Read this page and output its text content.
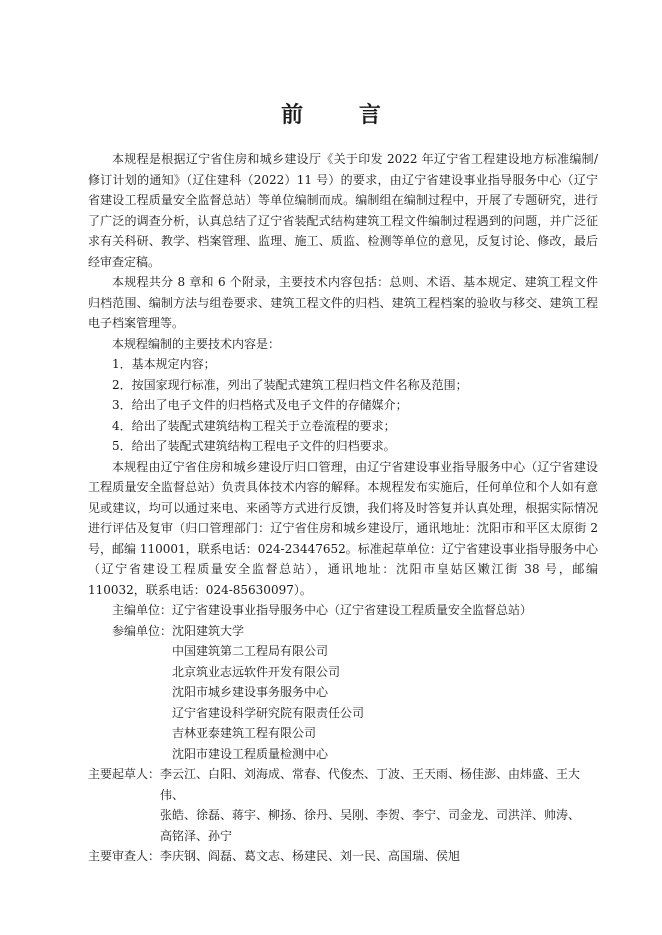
前 言

本规程是根据辽宁省住房和城乡建设厅《关于印发 2022 年辽宁省工程建设地方标准编制/修订计划的通知》（辽住建科（2022）11 号）的要求，由辽宁省建设事业指导服务中心（辽宁省建设工程质量安全监督总站）等单位编制而成。编制组在编制过程中，开展了专题研究，进行了广泛的调查分析，认真总结了辽宁省装配式结构建筑工程文件编制过程遇到的问题，并广泛征求有关科研、教学、档案管理、监理、施工、质监、检测等单位的意见，反复讨论、修改，最后经审查定稿。

本规程共分 8 章和 6 个附录，主要技术内容包括：总则、术语、基本规定、建筑工程文件归档范围、编制方法与组卷要求、建筑工程文件的归档、建筑工程档案的验收与移交、建筑工程电子档案管理等。

本规程编制的主要技术内容是：

1．基本规定内容；

2．按国家现行标准，列出了装配式建筑工程归档文件名称及范围；

3．给出了电子文件的归档格式及电子文件的存储媒介；

4．给出了装配式建筑结构工程关于立卷流程的要求；

5．给出了装配式建筑结构工程电子文件的归档要求。

本规程由辽宁省住房和城乡建设厅归口管理，由辽宁省建设事业指导服务中心（辽宁省建设工程质量安全监督总站）负责具体技术内容的解释。本规程发布实施后，任何单位和个人如有意见或建议，均可以通过来电、来函等方式进行反馈，我们将及时答复并认真处理，根据实际情况进行评估及复审（归口管理部门：辽宁省住房和城乡建设厅，通讯地址：沈阳市和平区太原街 2 号，邮编 110001，联系电话：024-23447652。标准起草单位：辽宁省建设事业指导服务中心（辽宁省建设工程质量安全监督总站），通讯地址：沈阳市皇姑区嫩江街 38 号，邮编 110032，联系电话：024-85630097）。

主编单位： 辽宁省建设事业指导服务中心（辽宁省建设工程质量安全监督总站）
参编单位： 沈阳建筑大学
中国建筑第二工程局有限公司
北京筑业志远软件开发有限公司
沈阳市城乡建设事务服务中心
辽宁省建设科学研究院有限责任公司
吉林亚泰建筑工程有限公司
沈阳市建设工程质量检测中心
主要起草人： 李云江、白阳、刘海成、常春、代俊杰、丁波、王天雨、杨佳澎、由炜盛、王大伟、
张皓、徐磊、蒋宇、柳扬、徐丹、吴刚、李贺、李宁、司金龙、司洪洋、帅涛、
高铭泽、孙宁
主要审查人： 李庆钢、阎磊、葛文志、杨建民、刘一民、高国瑞、侯旭
